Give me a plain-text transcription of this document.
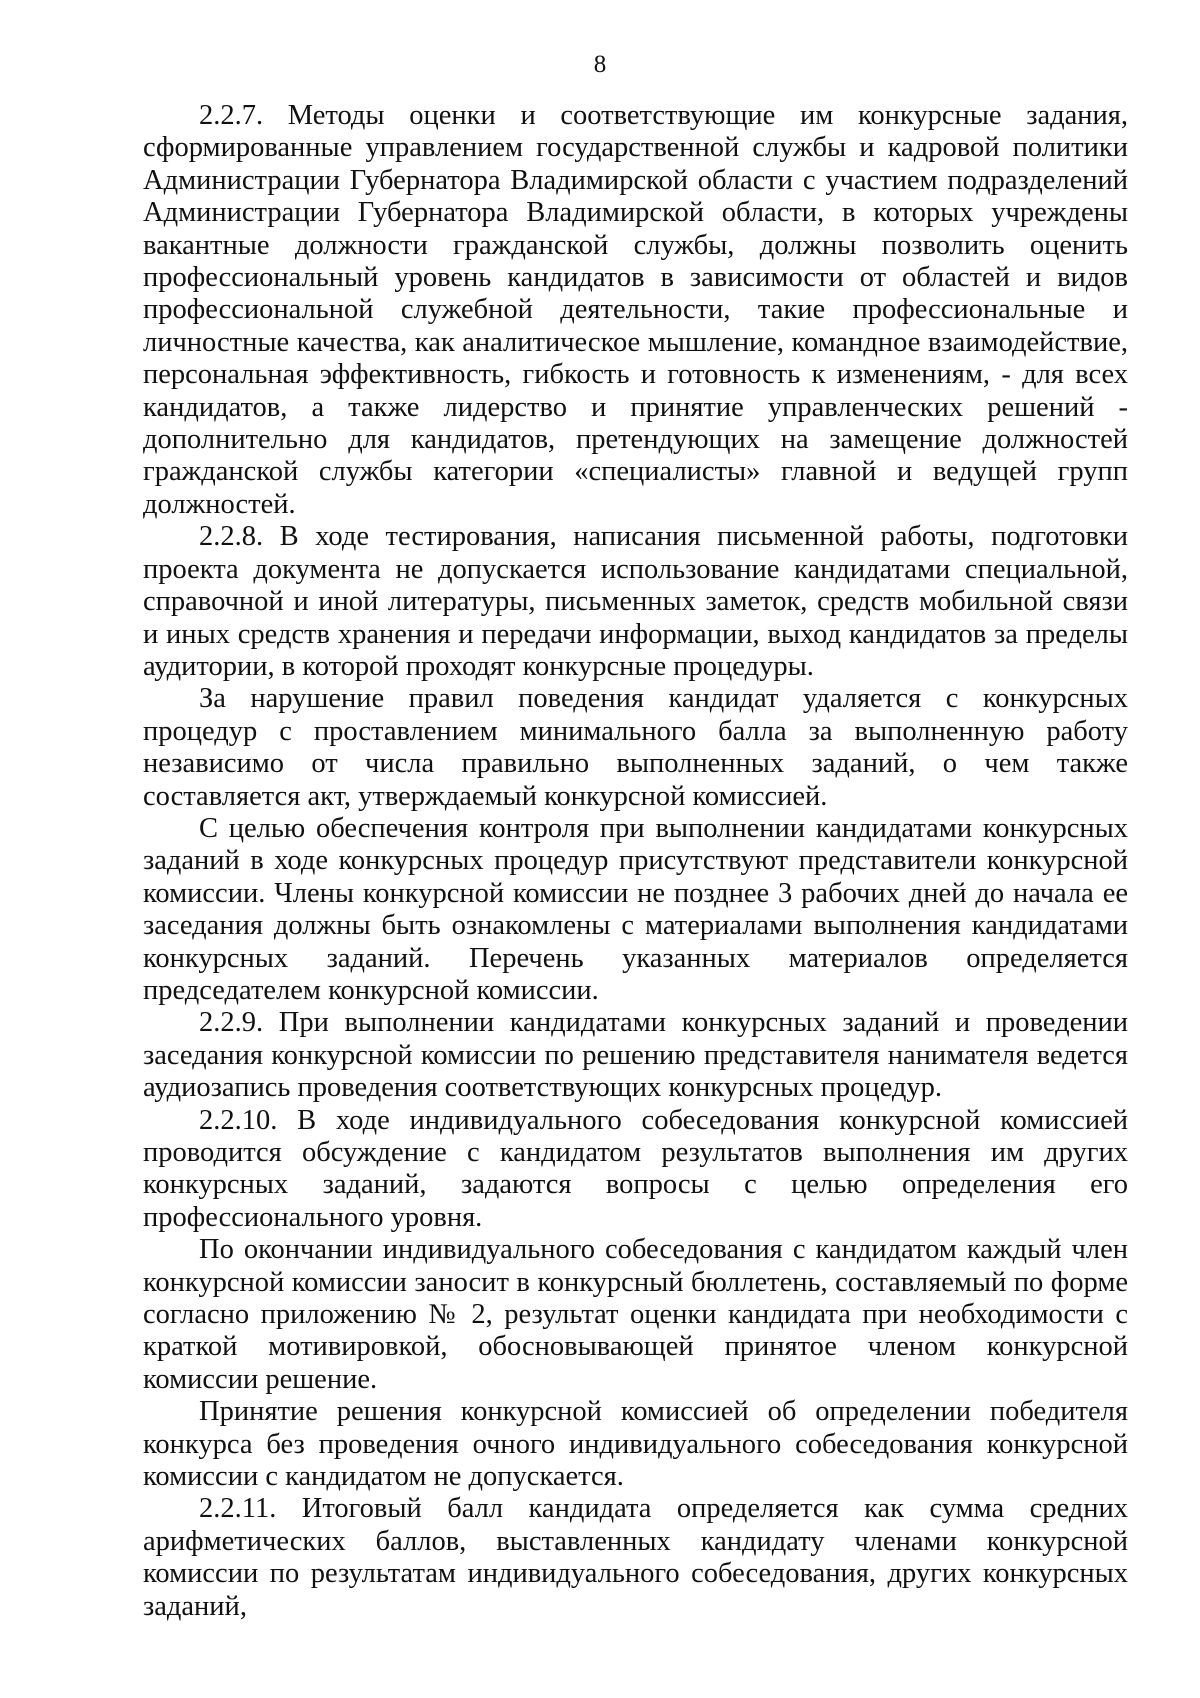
8

2.2.7. Методы оценки и соответствующие им конкурсные задания, сформированные управлением государственной службы и кадровой политики Администрации Губернатора Владимирской области с участием подразделений Администрации Губернатора Владимирской области, в которых учреждены вакантные должности гражданской службы, должны позволить оценить профессиональный уровень кандидатов в зависимости от областей и видов профессиональной служебной деятельности, такие профессиональные и личностные качества, как аналитическое мышление, командное взаимодействие, персональная эффективность, гибкость и готовность к изменениям, - для всех кандидатов, а также лидерство и принятие управленческих решений - дополнительно для кандидатов, претендующих на замещение должностей гражданской службы категории «специалисты» главной и ведущей групп должностей.

2.2.8. В ходе тестирования, написания письменной работы, подготовки проекта документа не допускается использование кандидатами специальной, справочной и иной литературы, письменных заметок, средств мобильной связи и иных средств хранения и передачи информации, выход кандидатов за пределы аудитории, в которой проходят конкурсные процедуры.

За нарушение правил поведения кандидат удаляется с конкурсных процедур с проставлением минимального балла за выполненную работу независимо от числа правильно выполненных заданий, о чем также составляется акт, утверждаемый конкурсной комиссией.

С целью обеспечения контроля при выполнении кандидатами конкурсных заданий в ходе конкурсных процедур присутствуют представители конкурсной комиссии. Члены конкурсной комиссии не позднее 3 рабочих дней до начала ее заседания должны быть ознакомлены с материалами выполнения кандидатами конкурсных заданий. Перечень указанных материалов определяется председателем конкурсной комиссии.

2.2.9. При выполнении кандидатами конкурсных заданий и проведении заседания конкурсной комиссии по решению представителя нанимателя ведется аудиозапись проведения соответствующих конкурсных процедур.

2.2.10. В ходе индивидуального собеседования конкурсной комиссией проводится обсуждение с кандидатом результатов выполнения им других конкурсных заданий, задаются вопросы с целью определения его профессионального уровня.

По окончании индивидуального собеседования с кандидатом каждый член конкурсной комиссии заносит в конкурсный бюллетень, составляемый по форме согласно приложению № 2, результат оценки кандидата при необходимости с краткой мотивировкой, обосновывающей принятое членом конкурсной комиссии решение.

Принятие решения конкурсной комиссией об определении победителя конкурса без проведения очного индивидуального собеседования конкурсной комиссии с кандидатом не допускается.

2.2.11. Итоговый балл кандидата определяется как сумма средних арифметических баллов, выставленных кандидату членами конкурсной комиссии по результатам индивидуального собеседования, других конкурсных заданий,
